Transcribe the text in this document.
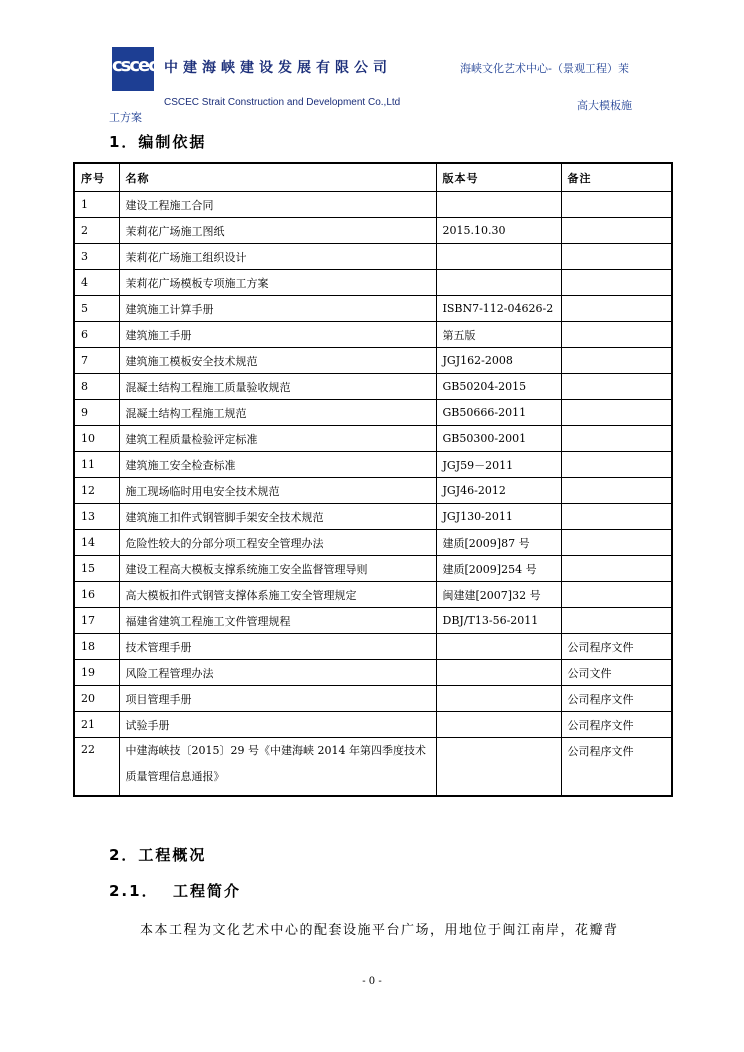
cscec 中建海峡建设发展有限公司
CSCEC Strait Construction and Development Co.,Ltd
海峡文化艺术中心-（景观工程）茉
高大模板施
工方案
1．编制依据
序号	名称	版本号	备注
1	建设工程施工合同		
2	茉莉花广场施工图纸	2015.10.30	
3	茉莉花广场施工组织设计		
4	茉莉花广场模板专项施工方案		
5	建筑施工计算手册	ISBN7-112-04626-2	
6	建筑施工手册	第五版	
7	建筑施工模板安全技术规范	JGJ162-2008	
8	混凝土结构工程施工质量验收规范	GB50204-2015	
9	混凝土结构工程施工规范	GB50666-2011	
10	建筑工程质量检验评定标准	GB50300-2001	
11	建筑施工安全检查标准	JGJ59－2011	
12	施工现场临时用电安全技术规范	JGJ46-2012	
13	建筑施工扣件式钢管脚手架安全技术规范	JGJ130-2011	
14	危险性较大的分部分项工程安全管理办法	建质[2009]87 号	
15	建设工程高大模板支撑系统施工安全监督管理导则	建质[2009]254 号	
16	高大模板扣件式钢管支撑体系施工安全管理规定	闽建建[2007]32 号	
17	福建省建筑工程施工文件管理规程	DBJ/T13-56-2011	
18	技术管理手册		公司程序文件
19	风险工程管理办法		公司文件
20	项目管理手册		公司程序文件
21	试验手册		公司程序文件
22	中建海峡技〔2015〕29 号《中建海峡 2014 年第四季度技术质量管理信息通报》		公司程序文件
2．工程概况
2.1． 工程简介
本本工程为文化艺术中心的配套设施平台广场，用地位于闽江南岸，花瓣背
- 0 -
